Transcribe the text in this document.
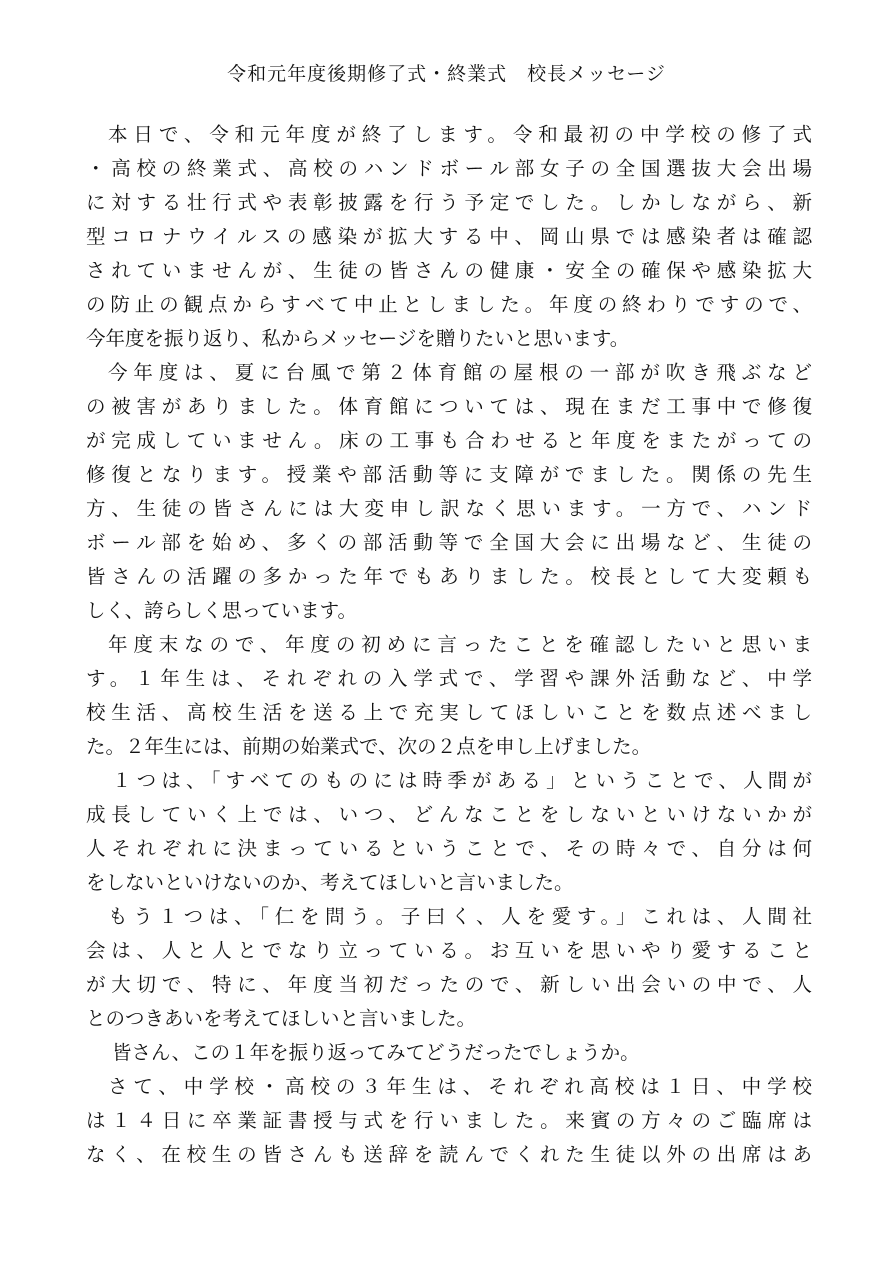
令和元年度後期修了式・終業式　校長メッセージ
本日で、令和元年度が終了します。令和最初の中学校の修了式
・高校の終業式、高校のハンドボール部女子の全国選抜大会出場
に対する壮行式や表彰披露を行う予定でした。しかしながら、新
型コロナウイルスの感染が拡大する中、岡山県では感染者は確認
されていませんが、生徒の皆さんの健康・安全の確保や感染拡大
の防止の観点からすべて中止としました。年度の終わりですので、
今年度を振り返り、私からメッセージを贈りたいと思います。
今年度は、夏に台風で第２体育館の屋根の一部が吹き飛ぶなど
の被害がありました。体育館については、現在まだ工事中で修復
が完成していません。床の工事も合わせると年度をまたがっての
修復となります。授業や部活動等に支障がでました。関係の先生
方、生徒の皆さんには大変申し訳なく思います。一方で、ハンド
ボール部を始め、多くの部活動等で全国大会に出場など、生徒の
皆さんの活躍の多かった年でもありました。校長として大変頼も
しく、誇らしく思っています。
年度末なので、年度の初めに言ったことを確認したいと思いま
す。１年生は、それぞれの入学式で、学習や課外活動など、中学
校生活、高校生活を送る上で充実してほしいことを数点述べまし
た。２年生には、前期の始業式で、次の２点を申し上げました。
１つは、「すべてのものには時季がある」ということで、人間が
成長していく上では、いつ、どんなことをしないといけないかが
人それぞれに決まっているということで、その時々で、自分は何
をしないといけないのか、考えてほしいと言いました。
もう１つは、「仁を問う。子曰く、人を愛す。」これは、人間社
会は、人と人とでなり立っている。お互いを思いやり愛すること
が大切で、特に、年度当初だったので、新しい出会いの中で、人
とのつきあいを考えてほしいと言いました。
皆さん、この１年を振り返ってみてどうだったでしょうか。
さて、中学校・高校の３年生は、それぞれ高校は１日、中学校
は１４日に卒業証書授与式を行いました。来賓の方々のご臨席は
なく、在校生の皆さんも送辞を読んでくれた生徒以外の出席はあ
